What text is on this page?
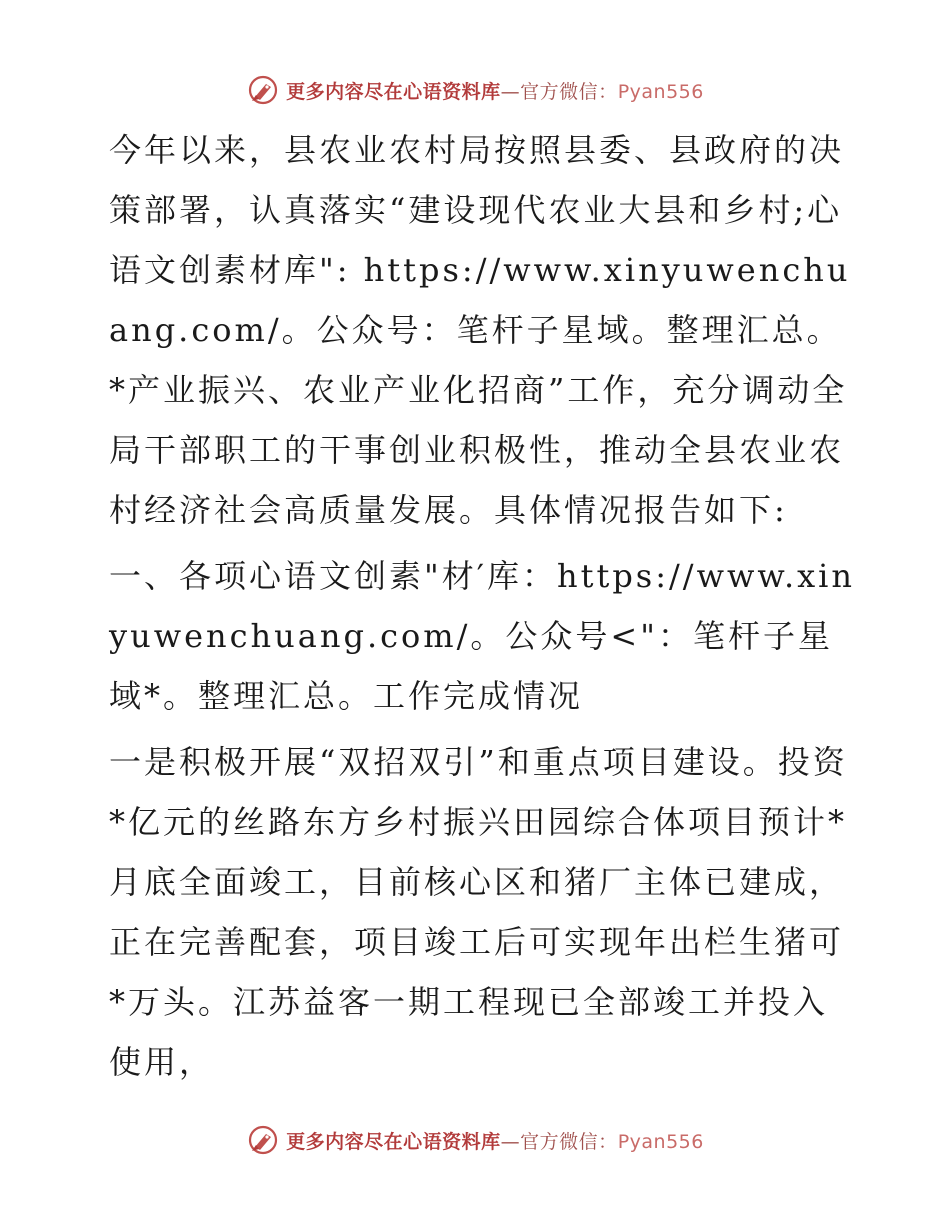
更多内容尽在心语资料库—官方微信：Pyan556

今年以来，县农业农村局按照县委、县政府的决策部署，认真落实“建设现代农业大县和乡村;心语文创素材库": https://www.xinyuwenchuang.com/。公众号：笔杆子星域。整理汇总。*产业振兴、农业产业化招商”工作，充分调动全局干部职工的干事创业积极性，推动全县农业农村经济社会高质量发展。具体情况报告如下:

一、各项心语文创素"材′库：https://www.xinyuwenchuang.com/。公众号<"：笔杆子星域*。整理汇总。工作完成情况

一是积极开展“双招双引”和重点项目建设。投资*亿元的丝路东方乡村振兴田园综合体项目预计*月底全面竣工，目前核心区和猪厂主体已建成，正在完善配套，项目竣工后可实现年出栏生猪可*万头。江苏益客一期工程现已全部竣工并投入使用，

更多内容尽在心语资料库—官方微信：Pyan556
